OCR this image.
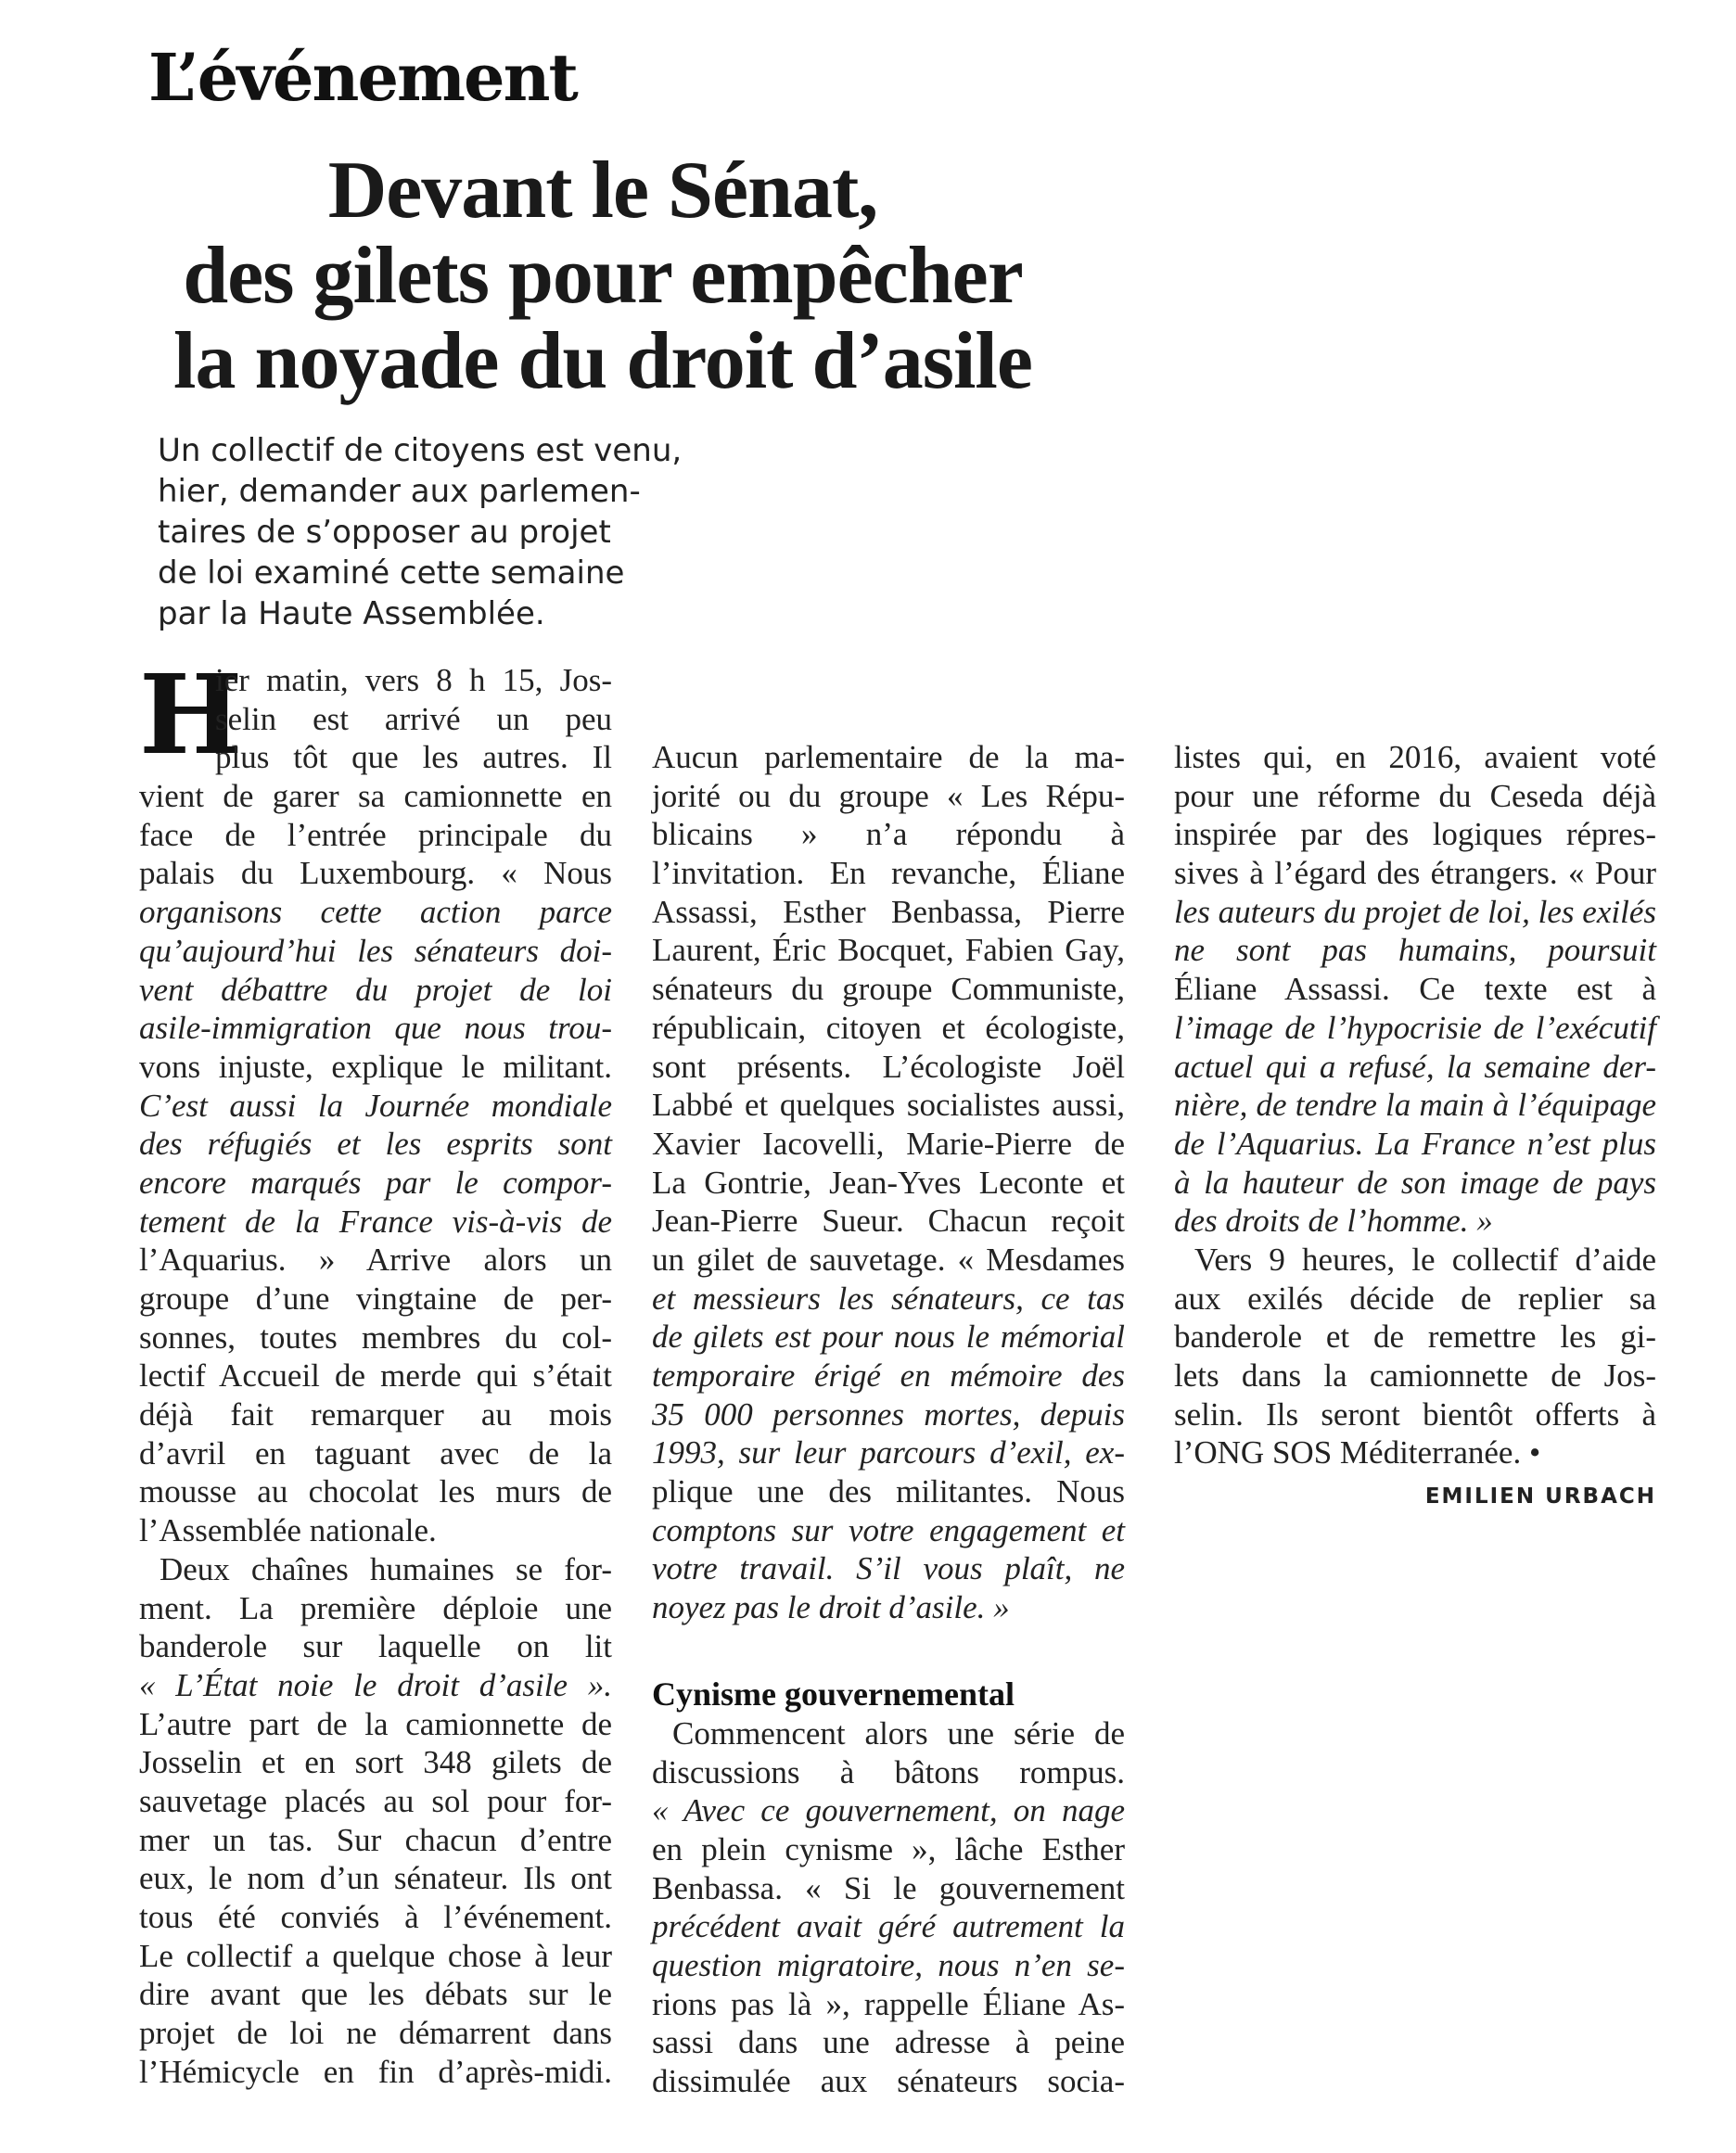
L’événement
Devant le Sénat,
des gilets pour empêcher
la noyade du droit d’asile
Un collectif de citoyens est venu,
hier, demander aux parlemen-
taires de s’opposer au projet
de loi examiné cette semaine
par la Haute Assemblée.
H
ier matin, vers 8 h 15, Jos-
selin est arrivé un peu
plus tôt que les autres. Il
vient de garer sa camionnette en
face de l’entrée principale du
palais du Luxembourg. « Nous
organisons cette action parce
qu’aujourd’hui les sénateurs doi-
vent débattre du projet de loi
asile-immigration que nous trou-
vons injuste, explique le militant.
C’est aussi la Journée mondiale
des réfugiés et les esprits sont
encore marqués par le compor-
tement de la France vis-à-vis de
l’Aquarius. » Arrive alors un
groupe d’une vingtaine de per-
sonnes, toutes membres du col-
lectif Accueil de merde qui s’était
déjà fait remarquer au mois
d’avril en taguant avec de la
mousse au chocolat les murs de
l’Assemblée nationale.
Deux chaînes humaines se for-
ment. La première déploie une
banderole sur laquelle on lit
« L’État noie le droit d’asile ».
L’autre part de la camionnette de
Josselin et en sort 348 gilets de
sauvetage placés au sol pour for-
mer un tas. Sur chacun d’entre
eux, le nom d’un sénateur. Ils ont
tous été conviés à l’événement.
Le collectif a quelque chose à leur
dire avant que les débats sur le
projet de loi ne démarrent dans
l’Hémicycle en fin d’après-midi.
Aucun parlementaire de la ma-
jorité ou du groupe « Les Répu-
blicains » n’a répondu à
l’invitation. En revanche, Éliane
Assassi, Esther Benbassa, Pierre
Laurent, Éric Bocquet, Fabien Gay,
sénateurs du groupe Communiste,
républicain, citoyen et écologiste,
sont présents. L’écologiste Joël
Labbé et quelques socialistes aussi,
Xavier Iacovelli, Marie-Pierre de
La Gontrie, Jean-Yves Leconte et
Jean-Pierre Sueur. Chacun reçoit
un gilet de sauvetage. « Mesdames
et messieurs les sénateurs, ce tas
de gilets est pour nous le mémorial
temporaire érigé en mémoire des
35 000 personnes mortes, depuis
1993, sur leur parcours d’exil, ex-
plique une des militantes. Nous
comptons sur votre engagement et
votre travail. S’il vous plaît, ne
noyez pas le droit d’asile. »
Cynisme gouvernemental
Commencent alors une série de
discussions à bâtons rompus.
« Avec ce gouvernement, on nage
en plein cynisme », lâche Esther
Benbassa. « Si le gouvernement
précédent avait géré autrement la
question migratoire, nous n’en se-
rions pas là », rappelle Éliane As-
sassi dans une adresse à peine
dissimulée aux sénateurs socia-
listes qui, en 2016, avaient voté
pour une réforme du Ceseda déjà
inspirée par des logiques répres-
sives à l’égard des étrangers. « Pour
les auteurs du projet de loi, les exilés
ne sont pas humains, poursuit
Éliane Assassi. Ce texte est à
l’image de l’hypocrisie de l’exécutif
actuel qui a refusé, la semaine der-
nière, de tendre la main à l’équipage
de l’Aquarius. La France n’est plus
à la hauteur de son image de pays
des droits de l’homme. »
Vers 9 heures, le collectif d’aide
aux exilés décide de replier sa
banderole et de remettre les gi-
lets dans la camionnette de Jos-
selin. Ils seront bientôt offerts à
l’ONG SOS Méditerranée. •
EMILIEN URBACH
